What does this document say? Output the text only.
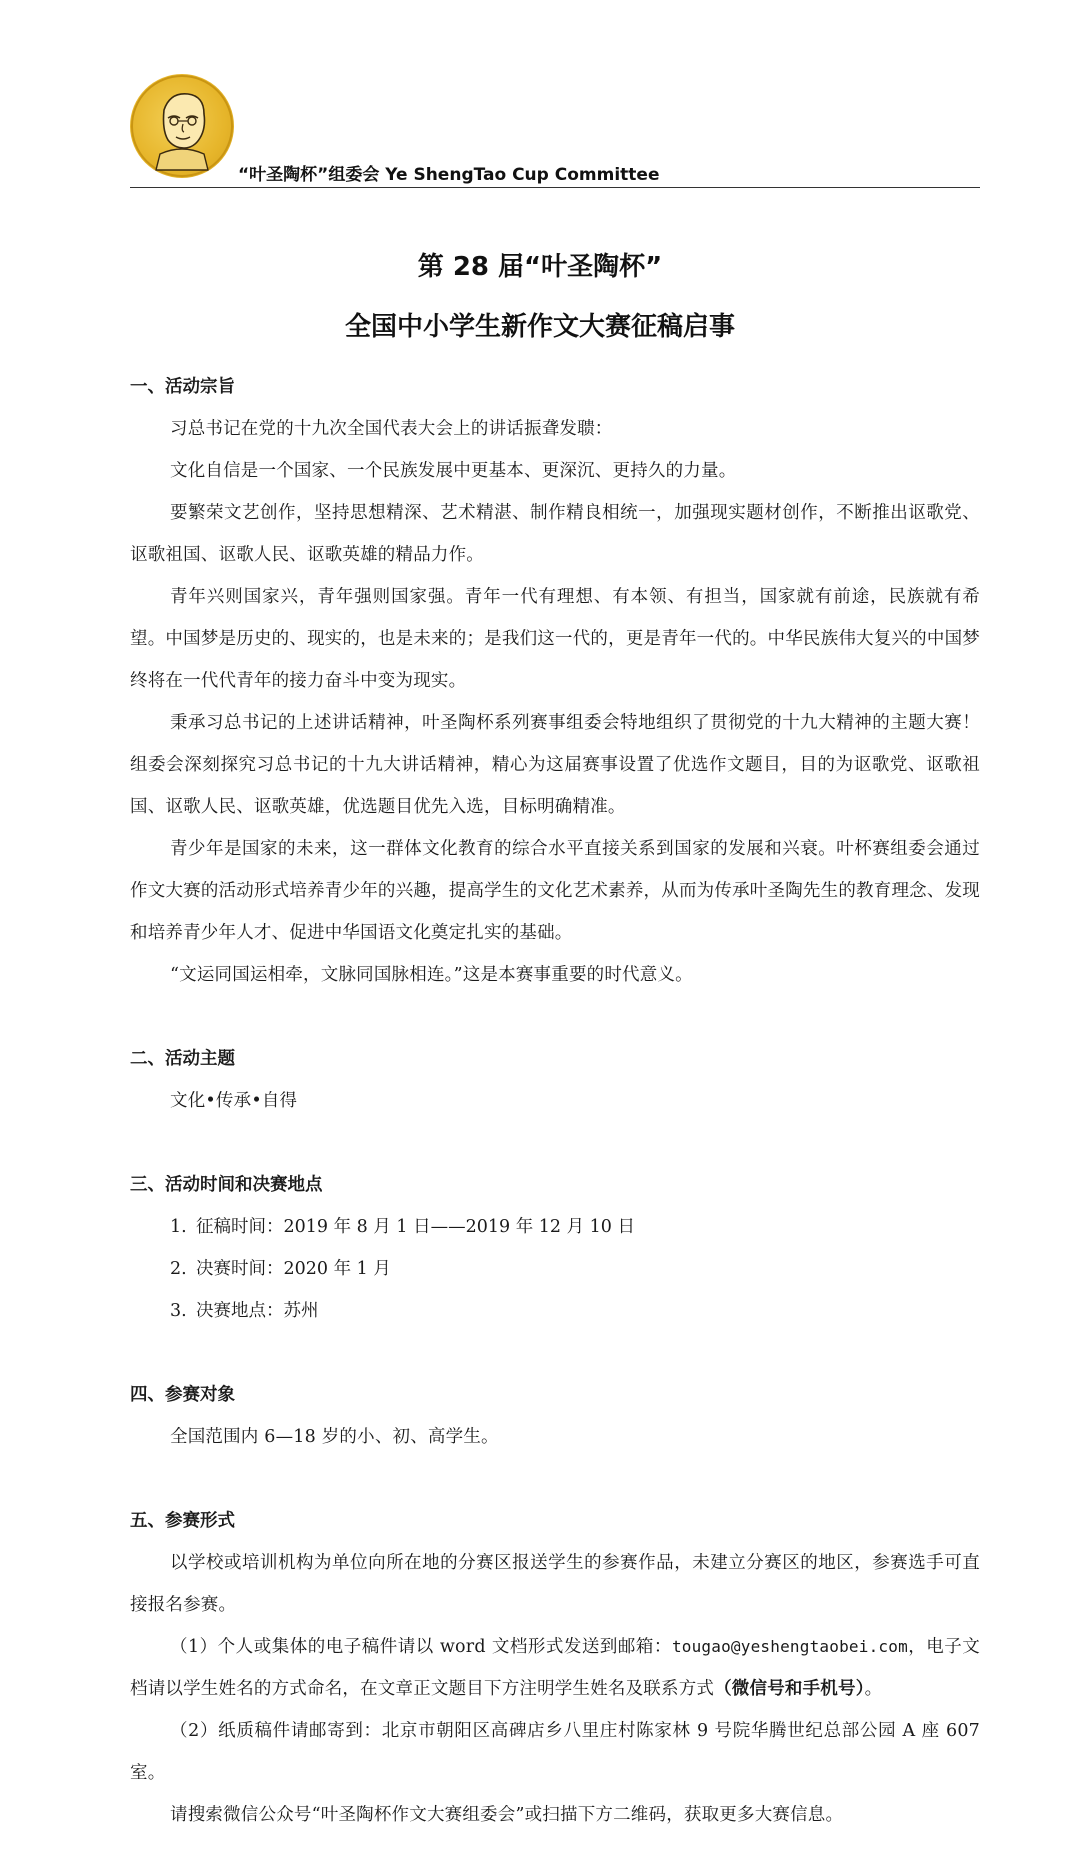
“叶圣陶杯”组委会 Ye ShengTao Cup Committee
第 28 届“叶圣陶杯”
全国中小学生新作文大赛征稿启事

一、活动宗旨

习总书记在党的十九次全国代表大会上的讲话振聋发聩：

文化自信是一个国家、一个民族发展中更基本、更深沉、更持久的力量。

要繁荣文艺创作，坚持思想精深、艺术精湛、制作精良相统一，加强现实题材创作，不断推出讴歌党、讴歌祖国、讴歌人民、讴歌英雄的精品力作。

青年兴则国家兴，青年强则国家强。青年一代有理想、有本领、有担当，国家就有前途，民族就有希望。中国梦是历史的、现实的，也是未来的；是我们这一代的，更是青年一代的。中华民族伟大复兴的中国梦终将在一代代青年的接力奋斗中变为现实。

秉承习总书记的上述讲话精神，叶圣陶杯系列赛事组委会特地组织了贯彻党的十九大精神的主题大赛！组委会深刻探究习总书记的十九大讲话精神，精心为这届赛事设置了优选作文题目，目的为讴歌党、讴歌祖国、讴歌人民、讴歌英雄，优选题目优先入选，目标明确精准。

青少年是国家的未来，这一群体文化教育的综合水平直接关系到国家的发展和兴衰。叶杯赛组委会通过作文大赛的活动形式培养青少年的兴趣，提高学生的文化艺术素养，从而为传承叶圣陶先生的教育理念、发现和培养青少年人才、促进中华国语文化奠定扎实的基础。

“文运同国运相牵，文脉同国脉相连。”这是本赛事重要的时代意义。

二、活动主题

文化•传承•自得

三、活动时间和决赛地点

1. 征稿时间：2019 年 8 月 1 日——2019 年 12 月 10 日

2. 决赛时间：2020 年 1 月

3. 决赛地点：苏州

四、参赛对象

全国范围内 6—18 岁的小、初、高学生。

五、参赛形式

以学校或培训机构为单位向所在地的分赛区报送学生的参赛作品，未建立分赛区的地区，参赛选手可直接报名参赛。

（1）个人或集体的电子稿件请以 word 文档形式发送到邮箱：tougao@yeshengtaobei.com，电子文档请以学生姓名的方式命名，在文章正文题目下方注明学生姓名及联系方式（微信号和手机号）。

（2）纸质稿件请邮寄到：北京市朝阳区高碑店乡八里庄村陈家林 9 号院华腾世纪总部公园 A 座 607 室。

请搜索微信公众号“叶圣陶杯作文大赛组委会”或扫描下方二维码，获取更多大赛信息。
